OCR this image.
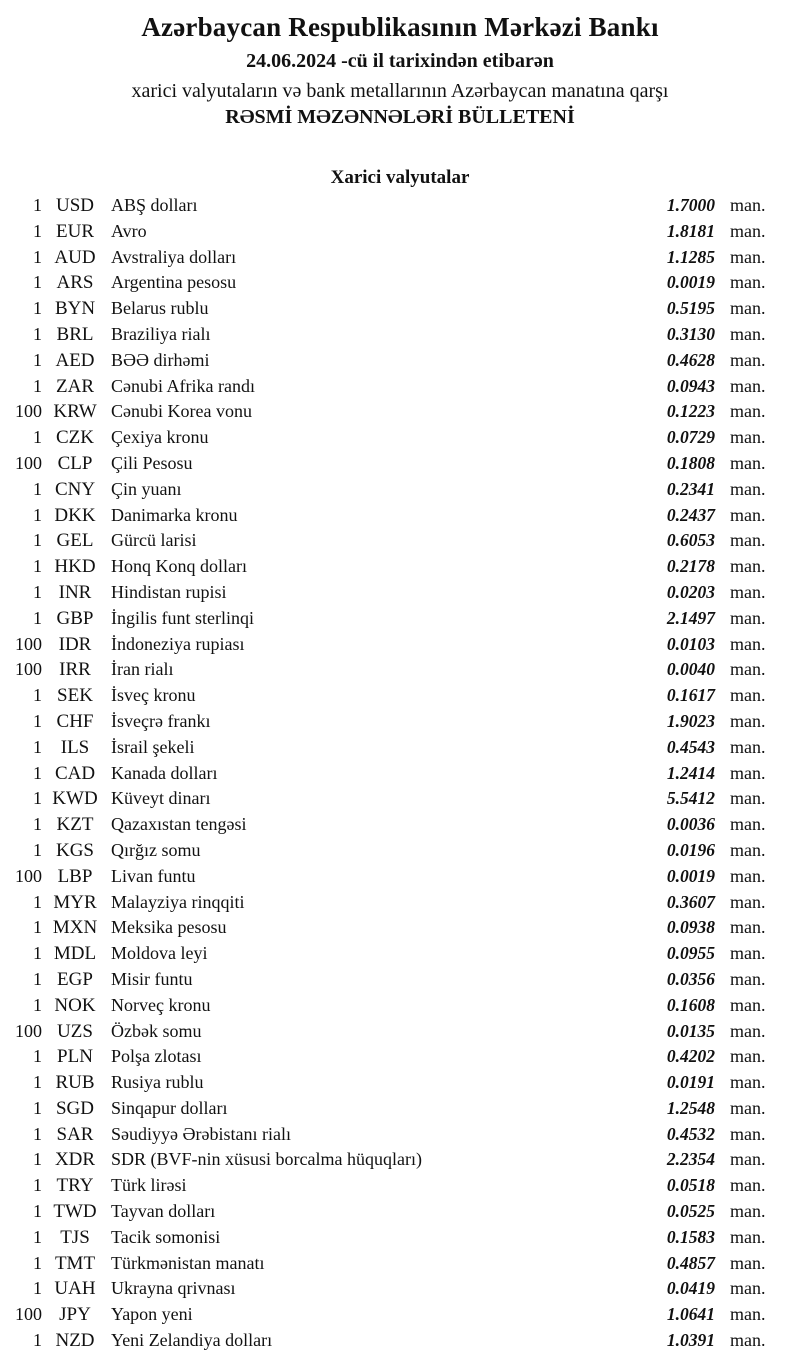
Azərbaycan Respublikasının Mərkəzi Bankı
24.06.2024 -cü il tarixindən etibarən
xarici valyutaların və bank metallarının Azərbaycan manatına qarşı
RƏSMİ MƏZƏNNƏLƏRİ BÜLLETENİ
Xarici valyutalar
1 USD ABŞ dolları	1.7000 man.
1 EUR Avro	1.8181 man.
1 AUD Avstraliya dolları	1.1285 man.
1 ARS Argentina pesosu	0.0019 man.
1 BYN Belarus rublu	0.5195 man.
1 BRL Braziliya rialı	0.3130 man.
1 AED BƏƏ dirhəmi	0.4628 man.
1 ZAR Cənubi Afrika randı	0.0943 man.
100 KRW Cənubi Korea vonu	0.1223 man.
1 CZK Çexiya kronu	0.0729 man.
100 CLP	Çili Pesosu	0.1808 man.
1 CNY Çin yuanı	0.2341 man.
1 DKK Danimarka kronu	0.2437 man.
1 GEL Gürcü larisi	0.6053 man.
1 HKD Honq Konq dolları	0.2178 man.
1 INR	Hindistan rupisi	0.0203 man.
1 GBP İngilis funt sterlinqi	2.1497 man.
100 IDR	İndoneziya rupiası	0.0103 man.
100 IRR	İran rialı	0.0040 man.
1 SEK	İsveç kronu	0.1617 man.
1 CHF İsveçrə frankı	1.9023 man.
1 ILS	İsrail şekeli	0.4543 man.
1 CAD Kanada dolları	1.2414 man.
1 KWD Küveyt dinarı	5.5412 man.
1 KZT Qazaxıstan tengəsi	0.0036 man.
1 KGS Qırğız somu	0.0196 man.
100 LBP	Livan funtu	0.0019 man.
1 MYR Malayziya rinqqiti	0.3607 man.
1 MXN Meksika pesosu	0.0938 man.
1 MDL Moldova leyi	0.0955 man.
1 EGP	Misir funtu	0.0356 man.
1 NOK Norveç kronu	0.1608 man.
100 UZS	Özbək somu	0.0135 man.
1 PLN	Polşa zlotası	0.4202 man.
1 RUB Rusiya rublu	0.0191 man.
1 SGD Sinqapur dolları	1.2548 man.
1 SAR Səudiyyə Ərəbistanı rialı	0.4532 man.
1 XDR SDR (BVF-nin xüsusi borcalma hüquqları)	2.2354 man.
1 TRY Türk lirəsi	0.0518 man.
1 TWD Tayvan dolları	0.0525 man.
1 TJS	Tacik somonisi	0.1583 man.
1 TMT Türkmənistan manatı	0.4857 man.
1 UAH Ukrayna qrivnası	0.0419 man.
100 JPY	Yapon yeni	1.0641 man.
1 NZD Yeni Zelandiya dolları	1.0391 man.
